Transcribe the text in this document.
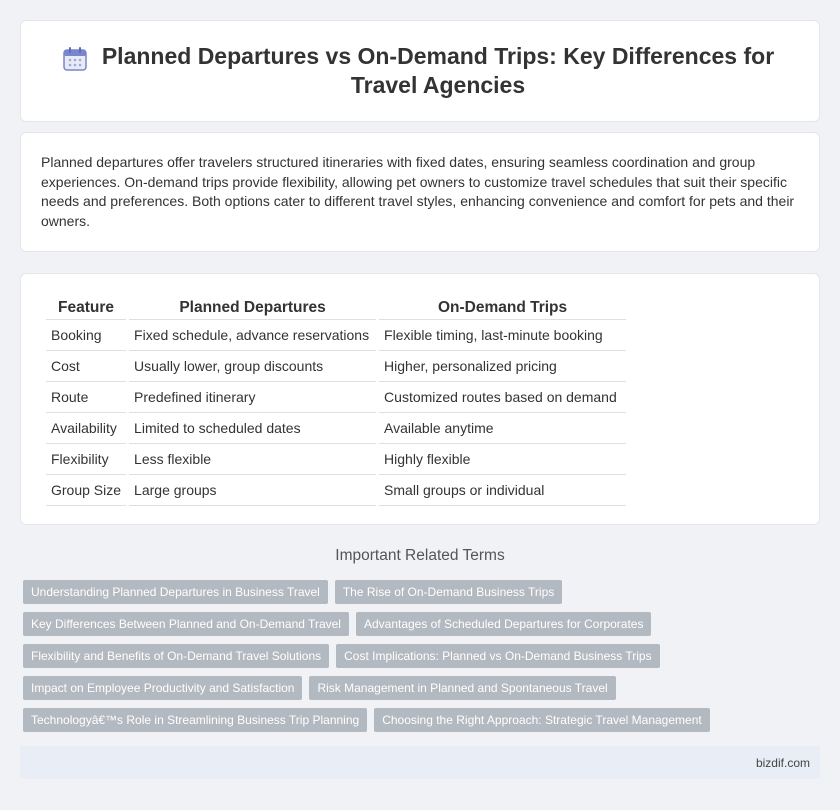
Planned Departures vs On-Demand Trips: Key Differences for Travel Agencies

Planned departures offer travelers structured itineraries with fixed dates, ensuring seamless coordination and group experiences. On-demand trips provide flexibility, allowing pet owners to customize travel schedules that suit their specific needs and preferences. Both options cater to different travel styles, enhancing convenience and comfort for pets and their owners.

Feature	Planned Departures	On-Demand Trips
Booking	Fixed schedule, advance reservations	Flexible timing, last-minute booking
Cost	Usually lower, group discounts	Higher, personalized pricing
Route	Predefined itinerary	Customized routes based on demand
Availability	Limited to scheduled dates	Available anytime
Flexibility	Less flexible	Highly flexible
Group Size	Large groups	Small groups or individual
Important Related Terms
Understanding Planned Departures in Business Travel	The Rise of On-Demand Business Trips
Key Differences Between Planned and On-Demand Travel	Advantages of Scheduled Departures for Corporates
Flexibility and Benefits of On-Demand Travel Solutions	Cost Implications: Planned vs On-Demand Business Trips
Impact on Employee Productivity and Satisfaction	Risk Management in Planned and Spontaneous Travel
Technologyâ€™s Role in Streamlining Business Trip Planning	Choosing the Right Approach: Strategic Travel Management
bizdif.com
